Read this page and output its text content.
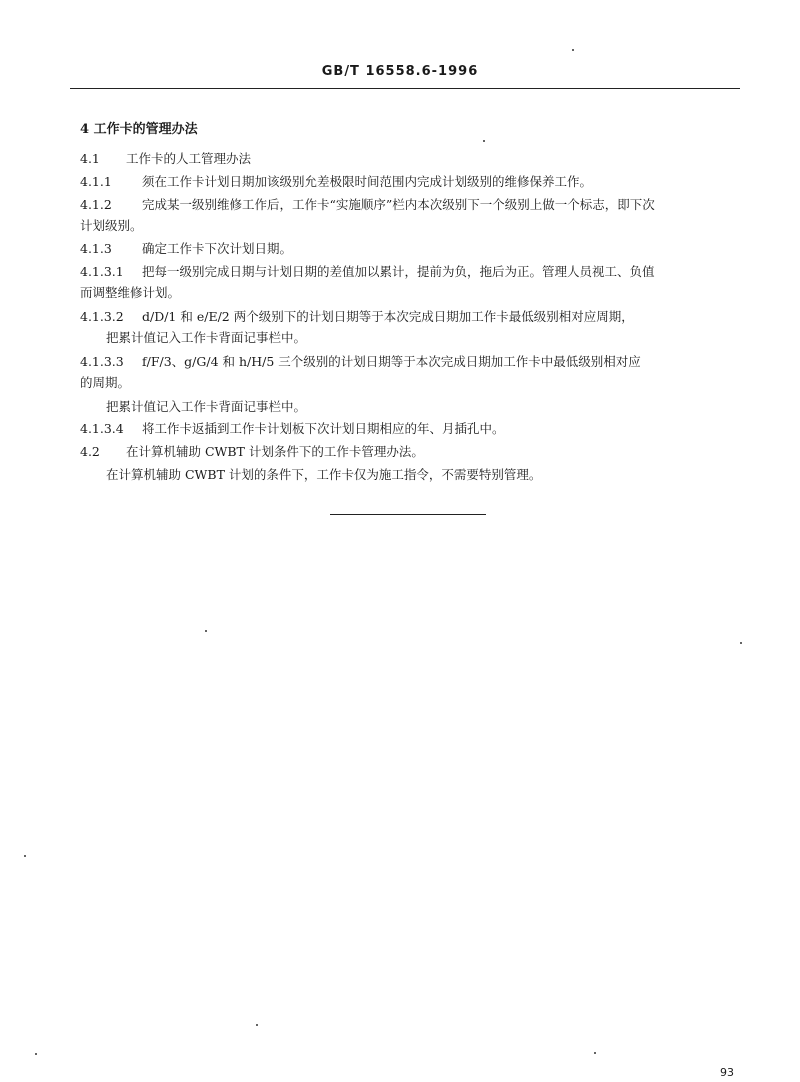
GB/T 16558.6-1996
4 工作卡的管理办法
4.1 工作卡的人工管理办法
4.1.1 须在工作卡计划日期加该级别允差极限时间范围内完成计划级别的维修保养工作。
4.1.2 完成某一级别维修工作后，工作卡“实施顺序”栏内本次级别下一个级别上做一个标志，即下次
计划级别。
4.1.3 确定工作卡下次计划日期。
4.1.3.1 把每一级别完成日期与计划日期的差值加以累计，提前为负，拖后为正。管理人员视工、负值
而调整维修计划。
4.1.3.2 d/D/1 和 e/E/2 两个级别下的计划日期等于本次完成日期加工作卡最低级别相对应周期，
把累计值记入工作卡背面记事栏中。
4.1.3.3 f/F/3、g/G/4 和 h/H/5 三个级别的计划日期等于本次完成日期加工作卡中最低级别相对应
的周期。
把累计值记入工作卡背面记事栏中。
4.1.3.4 将工作卡返插到工作卡计划板下次计划日期相应的年、月插孔中。
4.2 在计算机辅助 CWBT 计划条件下的工作卡管理办法。
在计算机辅助 CWBT 计划的条件下，工作卡仅为施工指令，不需要特别管理。
93
